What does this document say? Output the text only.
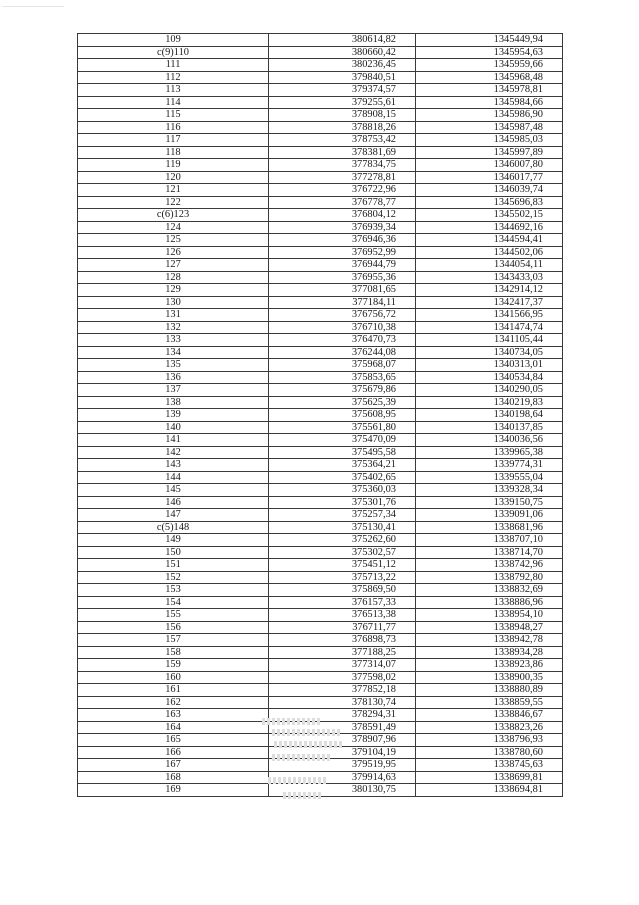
109	380614,82	1345449,94
с(9)110	380660,42	1345954,63
111	380236,45	1345959,66
112	379840,51	1345968,48
113	379374,57	1345978,81
114	379255,61	1345984,66
115	378908,15	1345986,90
116	378818,26	1345987,48
117	378753,42	1345985,03
118	378381,69	1345997,89
119	377834,75	1346007,80
120	377278,81	1346017,77
121	376722,96	1346039,74
122	376778,77	1345696,83
с(6)123	376804,12	1345502,15
124	376939,34	1344692,16
125	376946,36	1344594,41
126	376952,99	1344502,06
127	376944,79	1344054,11
128	376955,36	1343433,03
129	377081,65	1342914,12
130	377184,11	1342417,37
131	376756,72	1341566,95
132	376710,38	1341474,74
133	376470,73	1341105,44
134	376244,08	1340734,05
135	375968,07	1340313,01
136	375853,65	1340534,84
137	375679,86	1340290,05
138	375625,39	1340219,83
139	375608,95	1340198,64
140	375561,80	1340137,85
141	375470,09	1340036,56
142	375495,58	1339965,38
143	375364,21	1339774,31
144	375402,65	1339555,04
145	375360,03	1339328,34
146	375301,76	1339150,75
147	375257,34	1339091,06
с(5)148	375130,41	1338681,96
149	375262,60	1338707,10
150	375302,57	1338714,70
151	375451,12	1338742,96
152	375713,22	1338792,80
153	375869,50	1338832,69
154	376157,33	1338886,96
155	376513,38	1338954,10
156	376711,77	1338948,27
157	376898,73	1338942,78
158	377188,25	1338934,28
159	377314,07	1338923,86
160	377598,02	1338900,35
161	377852,18	1338880,89
162	378130,74	1338859,55
163	378294,31	1338846,67
164	378591,49	1338823,26
165	378907,96	1338796,93
166	379104,19	1338780,60
167	379519,95	1338745,63
168	379914,63	1338699,81
169	380130,75	1338694,81
